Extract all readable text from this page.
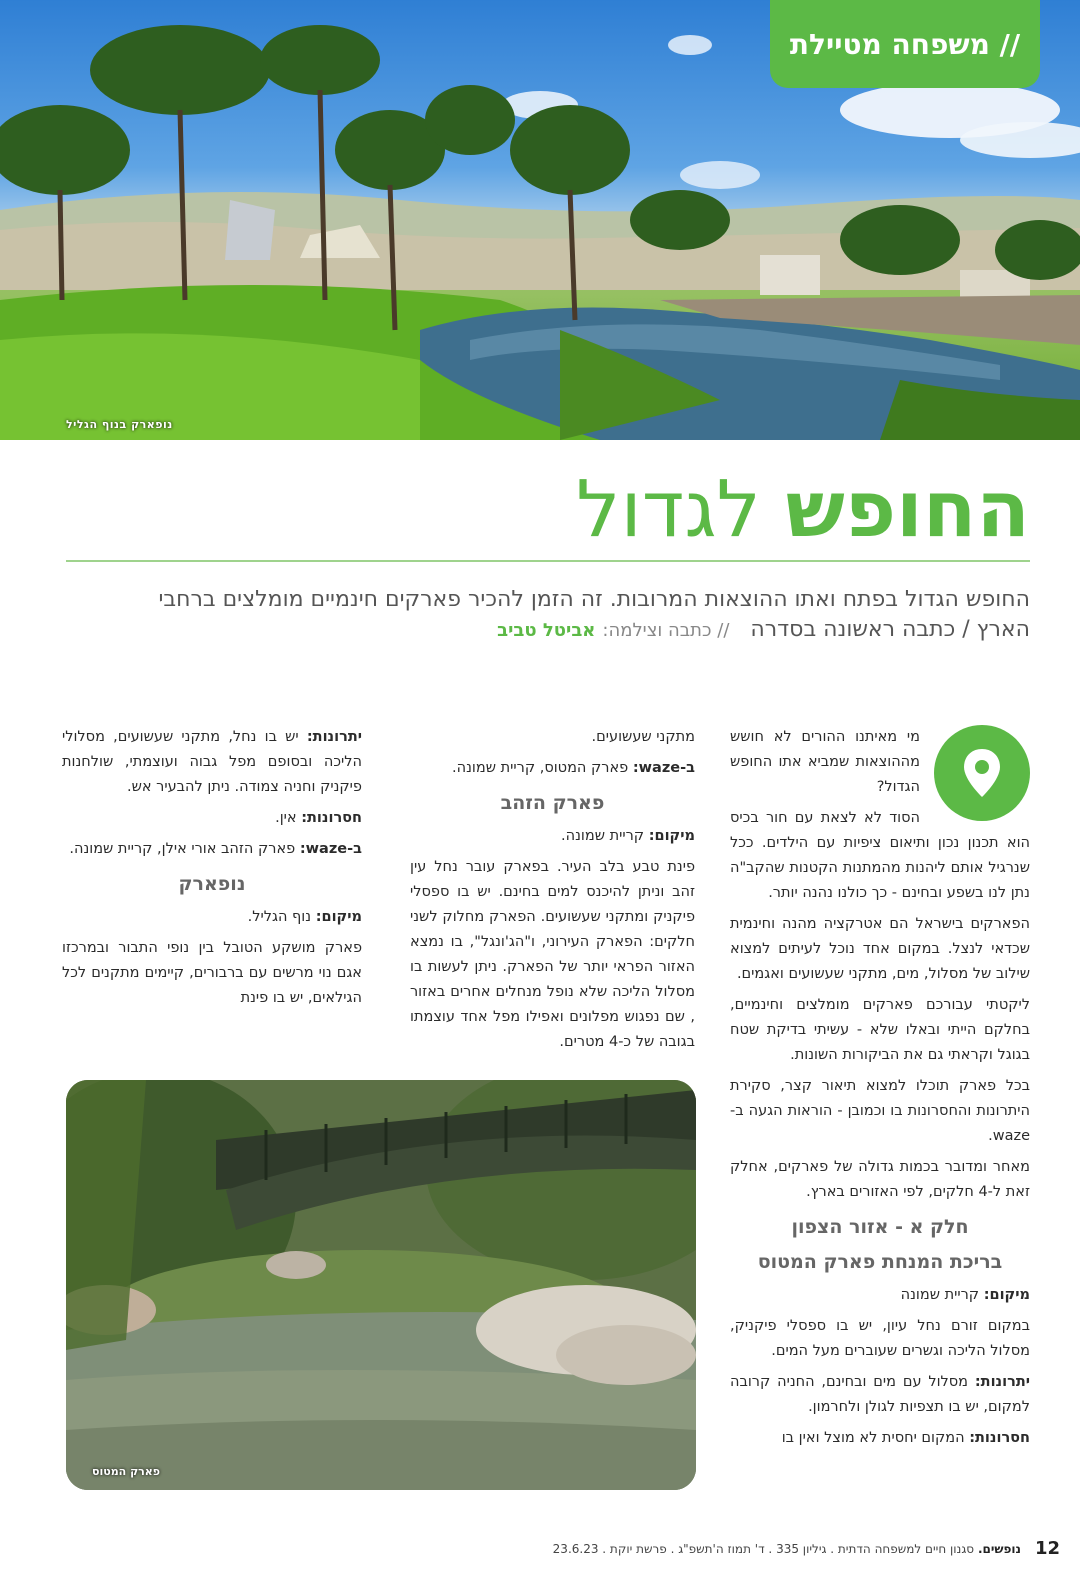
// משפחה מטיילת
נופארק בנוף הגליל
החופש לגדול
החופש הגדול בפתח ואתו ההוצאות המרובות. זה הזמן להכיר פארקים חינמיים מומלצים ברחבי הארץ / כתבה ראשונה בסדרה   // כתבה וצילמה: אביטל טביב

מי מאיתנו ההורים לא חושש מההוצאות שמביא אתו החופש הגדול?

הסוד לא לצאת עם חור בכיס הוא תכנון נכון ותיאום ציפיות עם הילדים. ככל שנרגיל אותם ליהנות מהמתנות הקטנות שהקב"ה נתן לנו בשפע ובחינם - כך כולנו נהנה יותר.

הפארקים בישראל הם אטרקציה מהנה וחינמית שכדאי לנצל. במקום אחד נוכל לעיתים למצוא שילוב של מסלול, מים, מתקני שעשועים ואגמים.

ליקטתי עבורכם פארקים מומלצים וחינמיים, בחלקם הייתי ובאלו שלא - עשיתי בדיקת שטח בגוגל וקראתי גם את הביקורות השונות.

בכל פארק תוכלו למצוא תיאור קצר, סקירת היתרונות והחסרונות בו וכמובן - הוראות הגעה ב-waze.

מאחר ומדובר בכמות גדולה של פארקים, אחלק זאת ל-4 חלקים, לפי האזורים בארץ.

חלק א - אזור הצפון
בריכת המנחת פארק המטוס

מיקום: קריית שמונה

במקום זורם נחל עיון, יש בו ספסלי פיקניק, מסלול הליכה וגשרים שעוברים מעל המים.

יתרונות: מסלול עם מים ובחינם, החניה קרובה למקום, יש בו תצפיות לגולן ולחרמון.

חסרונות: המקום יחסית לא מוצל ואין בו

מתקני שעשועים.

ב-waze: פארק המטוס, קריית שמונה.

פארק הזהב

מיקום: קריית שמונה.

פינת טבע בלב העיר. בפארק עובר נחל עין זהב וניתן להיכנס למים בחינם. יש בו ספסלי פיקניק ומתקני שעשועים. הפארק מחלוק לשני חלקים: הפארק העירוני, ו"הג'ונגל", בו נמצא האזור הפראי יותר של הפארק. ניתן לעשות בו מסלול הליכה שלא נופל מנחלים אחרים באזור , שם נפגוש מפלונים ואפילו מפל אחד עוצמתו בגובה של כ-4 מטרים.

יתרונות: יש בו נחל, מתקני שעשועים, מסלולי הליכה ובסופם מפל גבוה ועוצמתי, שולחנות פיקניק וחניה צמודה. ניתן להבעיר אש.

חסרונות: אין.

ב-waze: פארק הזהב אורי אילן, קריית שמונה.

נופארק

מיקום: נוף הגליל.

פארק מושקע הטובל בין נופי התבור ובמרכזו אגם נוי מרשים עם ברבורים, קיימים מתקנים לכל הגילאים, יש בו פינת

פארק המטוס
12
נופשים. סגנון חיים למשפחה הדתית . גיליון 335 . ד' תמוז ה'תשפ"ג . פרשת יוקת . 23.6.23
